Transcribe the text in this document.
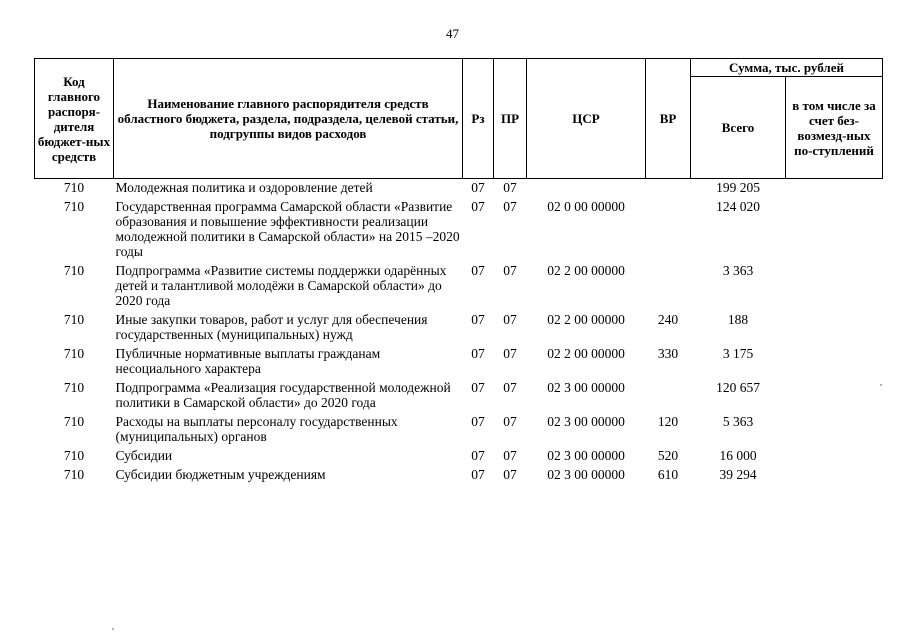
47
Код главного распоря-дителя бюджет-ных средств	Наименование главного распорядителя средств областного бюджета, раздела, подраздела, целевой статьи, подгруппы видов расходов	Рз	ПР	ЦСР	ВР	Сумма, тыс. рублей	
						Всего	в том числе за счет без-возмезд-ных по-ступлений
710	Молодежная политика и оздоровление детей	07	07			199 205	
710	Государственная программа Самарской области «Развитие образования и повышение эффективности реализации молодежной политики в Самарской области» на 2015 –2020 годы	07	07	02 0 00 00000		124 020	
710	Подпрограмма «Развитие системы поддержки одарённых детей и талантливой молодёжи в Самарской области» до 2020 года	07	07	02 2 00 00000		3 363	
710	Иные закупки товаров, работ и услуг для обеспечения государственных (муниципальных) нужд	07	07	02 2 00 00000	240	188	
710	Публичные нормативные выплаты гражданам несоциального характера	07	07	02 2 00 00000	330	3 175	
710	Подпрограмма «Реализация государственной молодежной политики в Самарской области» до 2020 года	07	07	02 3 00 00000		120 657	
710	Расходы на выплаты персоналу государственных (муниципальных) органов	07	07	02 3 00 00000	120	5 363	
710	Субсидии	07	07	02 3 00 00000	520	16 000	
710	Субсидии бюджетным учреждениям	07	07	02 3 00 00000	610	39 294	
